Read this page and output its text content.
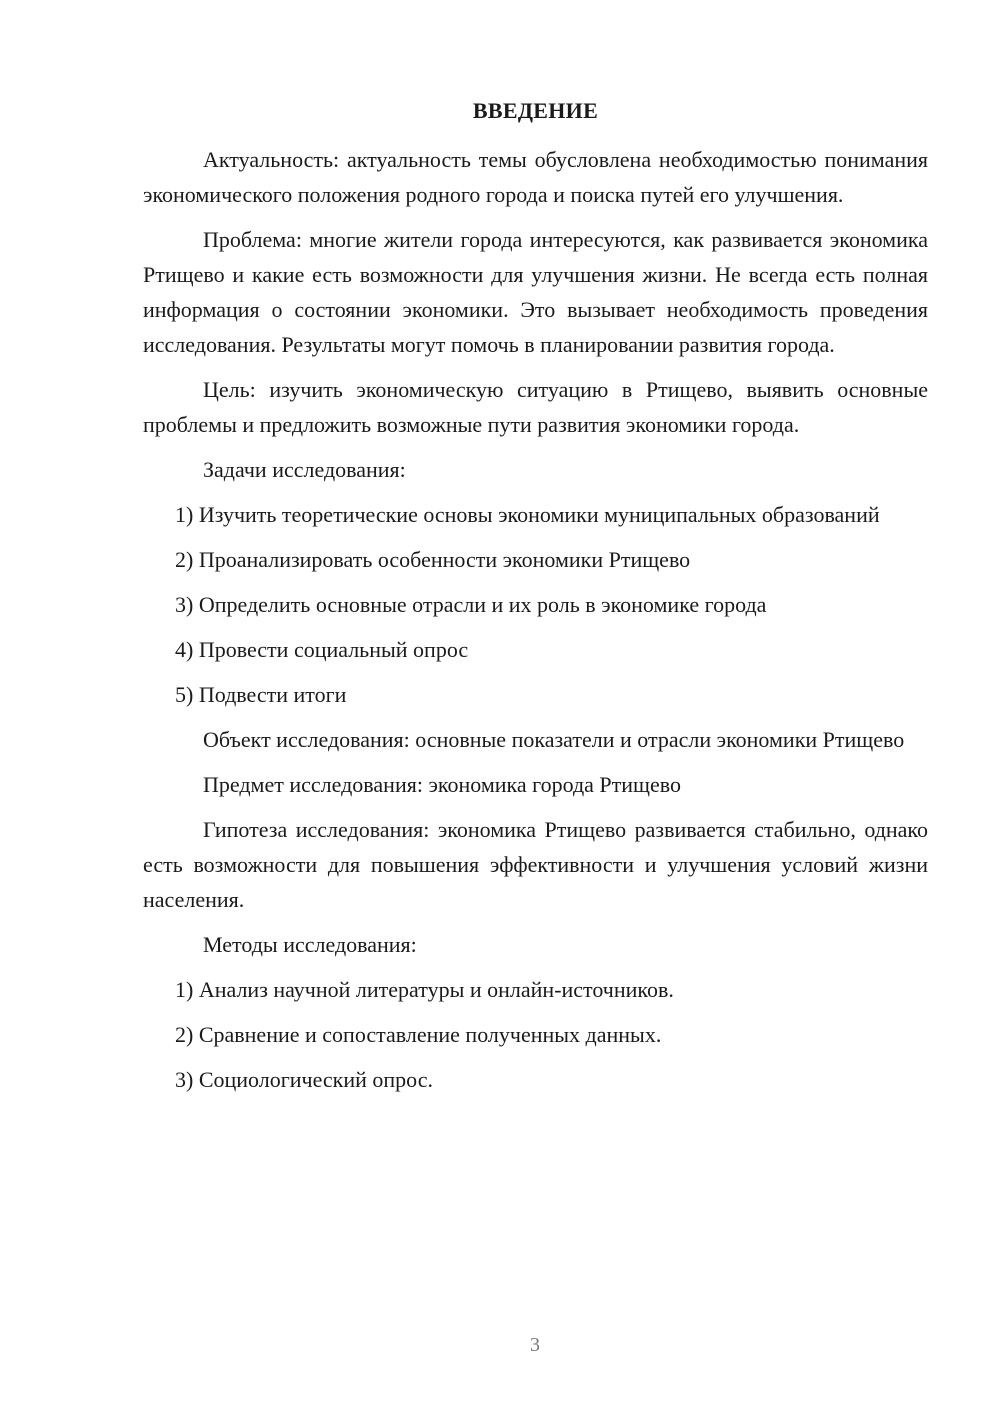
ВВЕДЕНИЕ

Актуальность: актуальность темы обусловлена необходимостью понимания экономического положения родного города и поиска путей его улучшения.

Проблема: многие жители города интересуются, как развивается экономика Ртищево и какие есть возможности для улучшения жизни. Не всегда есть полная информация о состоянии экономики. Это вызывает необходимость проведения исследования. Результаты могут помочь в планировании развития города.

Цель: изучить экономическую ситуацию в Ртищево, выявить основные проблемы и предложить возможные пути развития экономики города.

Задачи исследования:

1) Изучить теоретические основы экономики муниципальных образований

2) Проанализировать особенности экономики Ртищево

3) Определить основные отрасли и их роль в экономике города

4) Провести социальный опрос

5) Подвести итоги

Объект исследования: основные показатели и отрасли экономики Ртищево

Предмет исследования: экономика города Ртищево

Гипотеза исследования: экономика Ртищево развивается стабильно, однако есть возможности для повышения эффективности и улучшения условий жизни населения.

Методы исследования:

1) Анализ научной литературы и онлайн-источников.

2) Сравнение и сопоставление полученных данных.

3) Социологический опрос.

3
